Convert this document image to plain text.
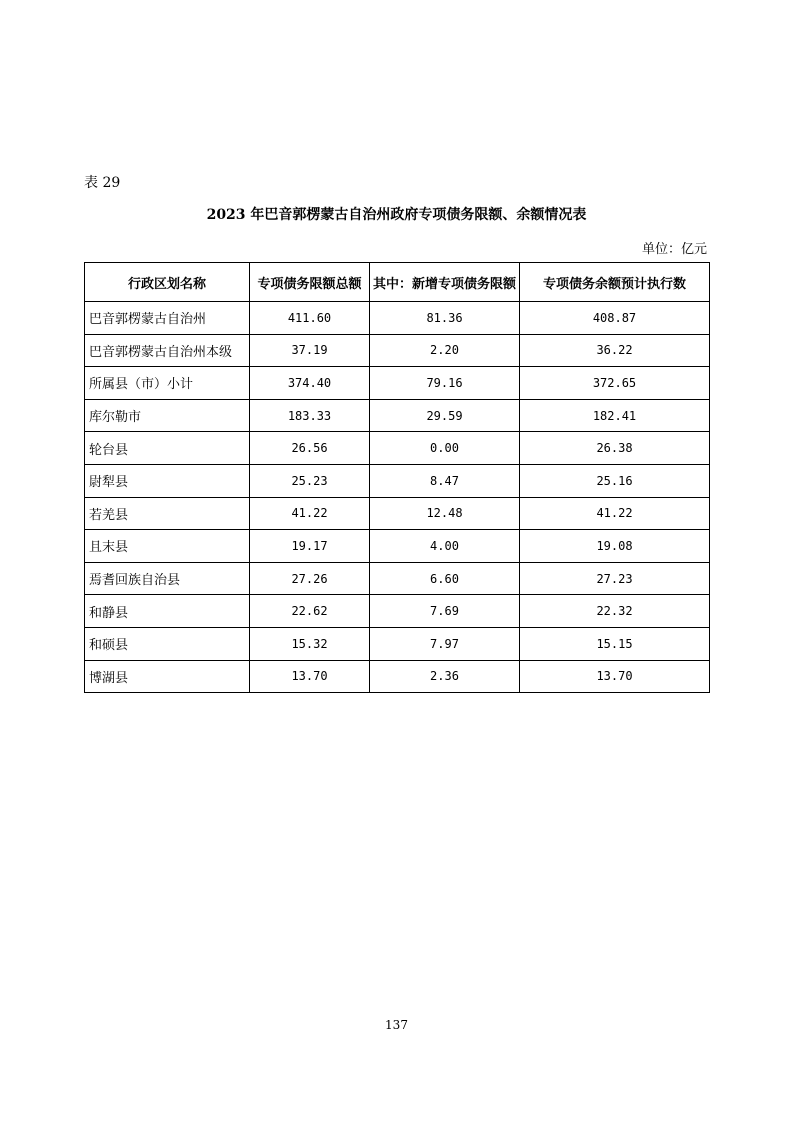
表 29
2023 年巴音郭楞蒙古自治州政府专项债务限额、余额情况表
单位：亿元
行政区划名称	专项债务限额总额	其中：新增专项债务限额	专项债务余额预计执行数
巴音郭楞蒙古自治州	411.60	81.36	408.87
巴音郭楞蒙古自治州本级	37.19	2.20	36.22
所属县（市）小计	374.40	79.16	372.65
库尔勒市	183.33	29.59	182.41
轮台县	26.56	0.00	26.38
尉犁县	25.23	8.47	25.16
若羌县	41.22	12.48	41.22
且末县	19.17	4.00	19.08
焉耆回族自治县	27.26	6.60	27.23
和静县	22.62	7.69	22.32
和硕县	15.32	7.97	15.15
博湖县	13.70	2.36	13.70
137
